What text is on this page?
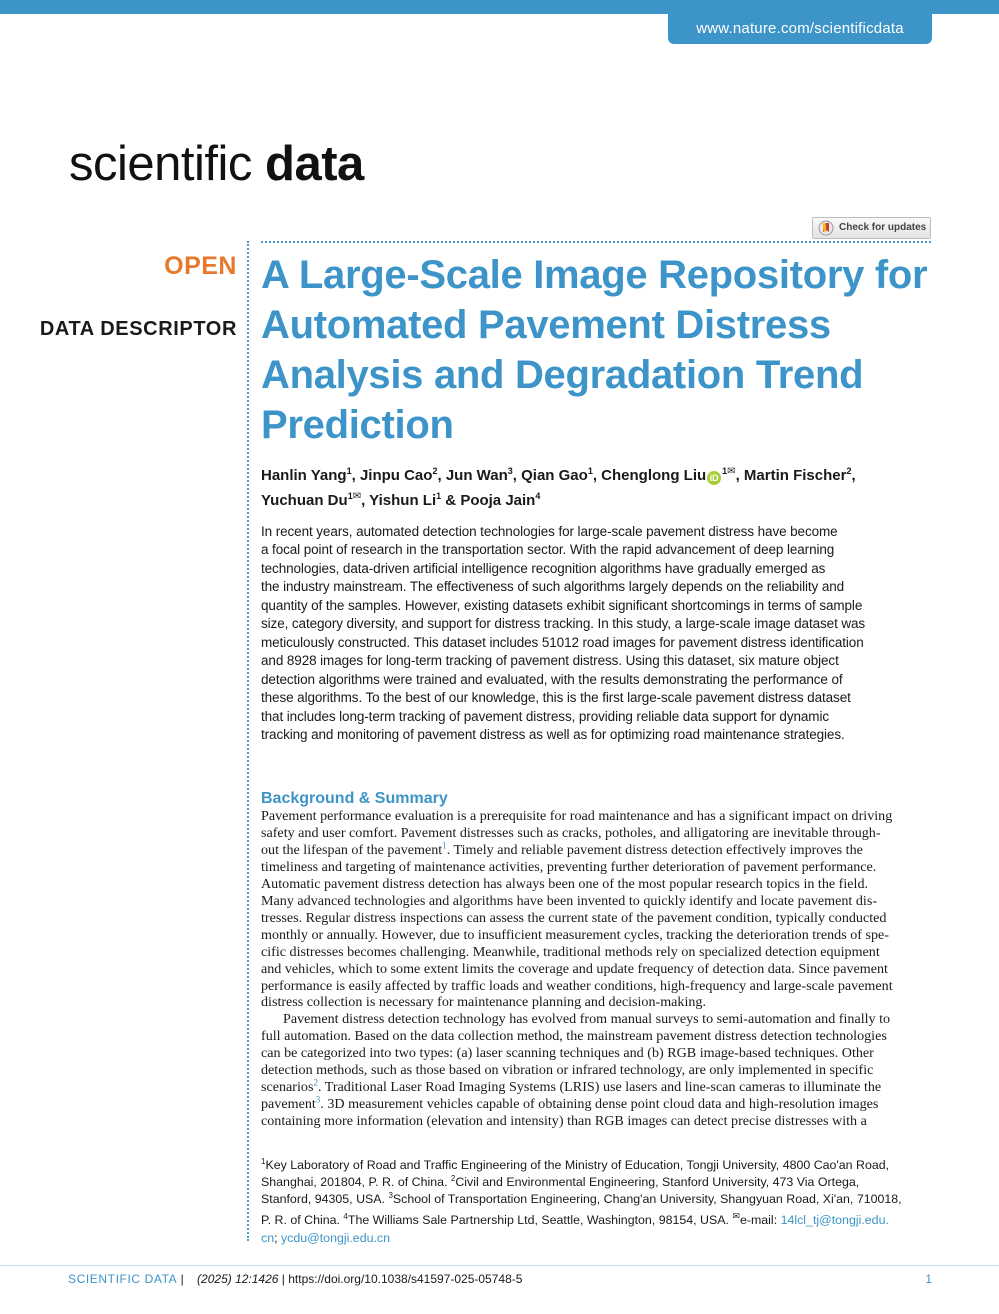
www.nature.com/scientificdata
scientific data
Check for updates
OPEN
DATA DESCRIPTOR
A Large-Scale Image Repository for Automated Pavement Distress Analysis and Degradation Trend Prediction
Hanlin Yang$^1$, Jinpu Cao$^2$, Jun Wan$^3$, Qian Gao$^1$, Chenglong Liu $iD^{1✉}$, Martin Fischer$^2$,
Yuchuan $Du^{1✉}$, Yishun Li$^1$ & Pooja Jain$^4$

In recent years, automated detection technologies for large-scale pavement distress have become

a focal point of research in the transportation sector. With the rapid advancement of deep learning

technologies, data-driven artificial intelligence recognition algorithms have gradually emerged as

the industry mainstream. The effectiveness of such algorithms largely depends on the reliability and

quantity of the samples. However, existing datasets exhibit significant shortcomings in terms of sample

size, category diversity, and support for distress tracking. In this study, a large-scale image dataset was

meticulously constructed. This dataset includes 51012 road images for pavement distress identification

and 8928 images for long-term tracking of pavement distress. Using this dataset, six mature object

detection algorithms were trained and evaluated, with the results demonstrating the performance of

these algorithms. To the best of our knowledge, this is the first large-scale pavement distress dataset

that includes long-term tracking of pavement distress, providing reliable data support for dynamic

tracking and monitoring of pavement distress as well as for optimizing road maintenance strategies.

Background & Summary

Pavement performance evaluation is a prerequisite for road maintenance and has a significant impact on driving

safety and user comfort. Pavement distresses such as cracks, potholes, and alligatoring are inevitable through-

out the lifespan of the pavement$^1$. Timely and reliable pavement distress detection effectively improves the

timeliness and targeting of maintenance activities, preventing further deterioration of pavement performance.

Automatic pavement distress detection has always been one of the most popular research topics in the field.

Many advanced technologies and algorithms have been invented to quickly identify and locate pavement dis-

tresses. Regular distress inspections can assess the current state of the pavement condition, typically conducted

monthly or annually. However, due to insufficient measurement cycles, tracking the deterioration trends of spe-

cific distresses becomes challenging. Meanwhile, traditional methods rely on specialized detection equipment

and vehicles, which to some extent limits the coverage and update frequency of detection data. Since pavement

performance is easily affected by traffic loads and weather conditions, high-frequency and large-scale pavement

distress collection is necessary for maintenance planning and decision-making.

Pavement distress detection technology has evolved from manual surveys to semi-automation and finally to

full automation. Based on the data collection method, the mainstream pavement distress detection technologies

can be categorized into two types: (a) laser scanning techniques and (b) RGB image-based techniques. Other

detection methods, such as those based on vibration or infrared technology, are only implemented in specific

scenarios$^2$. Traditional Laser Road Imaging Systems (LRIS) use lasers and line-scan cameras to illuminate the

pavement$^3$. 3D measurement vehicles capable of obtaining dense point cloud data and high-resolution images

containing more information (elevation and intensity) than RGB images can detect precise distresses with a

$^1$Key Laboratory of Road and Traffic Engineering of the Ministry of Education, Tongji University, 4800 Cao'an Road,

Shanghai, 201804, P. R. of China. $^2$Civil and Environmental Engineering, Stanford University, 473 Via Ortega,

Stanford, 94305, USA. $^3$School of Transportation Engineering, Chang'an University, Shangyuan Road, Xi'an, 710018,

P. R. of China. $^4$The Williams Sale Partnership Ltd, Seattle, Washington, 98154, USA. ✉e-mail: 14lcl_tj@tongji.edu.

cn; ycdu@tongji.edu.cn

SCIENTIFIC DATA |    (2025) 12:1426 | https://doi.org/10.1038/s41597-025-05748-5	1
